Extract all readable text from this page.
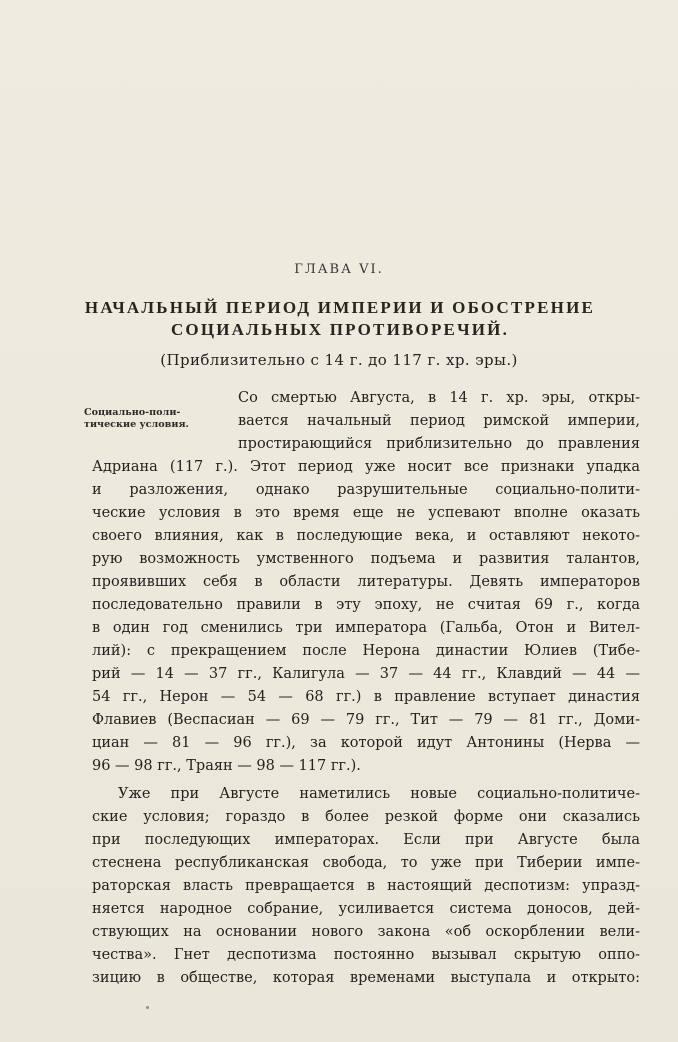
ГЛАВА VI.
НАЧАЛЬНЫЙ ПЕРИОД ИМПЕРИИ И ОБОСТРЕНИЕ
СОЦИАЛЬНЫХ ПРОТИВОРЕЧИЙ.
(Приблизительно с 14 г. до 117 г. хр. эры.)
Социально-поли-
тические условия.
Со смертью Августа, в 14 г. хр. эры, откры-
вается начальный период римской империи,
простирающийся приблизительно до правления
Адриана (117 г.). Этот период уже носит все признаки упадка
и разложения, однако разрушительные социально-полити-
ческие условия в это время еще не успевают вполне оказать
своего влияния, как в последующие века, и оставляют некото-
рую возможность умственного подъема и развития талантов,
проявивших себя в области литературы. Девять императоров
последовательно правили в эту эпоху, не считая 69 г., когда
в один год сменились три императора (Гальба, Отон и Вител-
лий): с прекращением после Нерона династии Юлиев (Тибе-
рий — 14 — 37 гг., Калигула — 37 — 44 гг., Клавдий — 44 —
54 гг., Нерон — 54 — 68 гг.) в правление вступает династия
Флавиев (Веспасиан — 69 — 79 гг., Тит — 79 — 81 гг., Доми-
циан — 81 — 96 гг.), за которой идут Антонины (Нерва —
96 — 98 гг., Траян — 98 — 117 гг.).
Уже при Августе наметились новые социально-политиче-
ские условия; гораздо в более резкой форме они сказались
при последующих императорах. Если при Августе была
стеснена республиканская свобода, то уже при Тиберии импе-
раторская власть превращается в настоящий деспотизм: упразд-
няется народное собрание, усиливается система доносов, дей-
ствующих на основании нового закона «об оскорблении вели-
чества». Гнет деспотизма постоянно вызывал скрытую оппо-
зицию в обществе, которая временами выступала и открыто:
